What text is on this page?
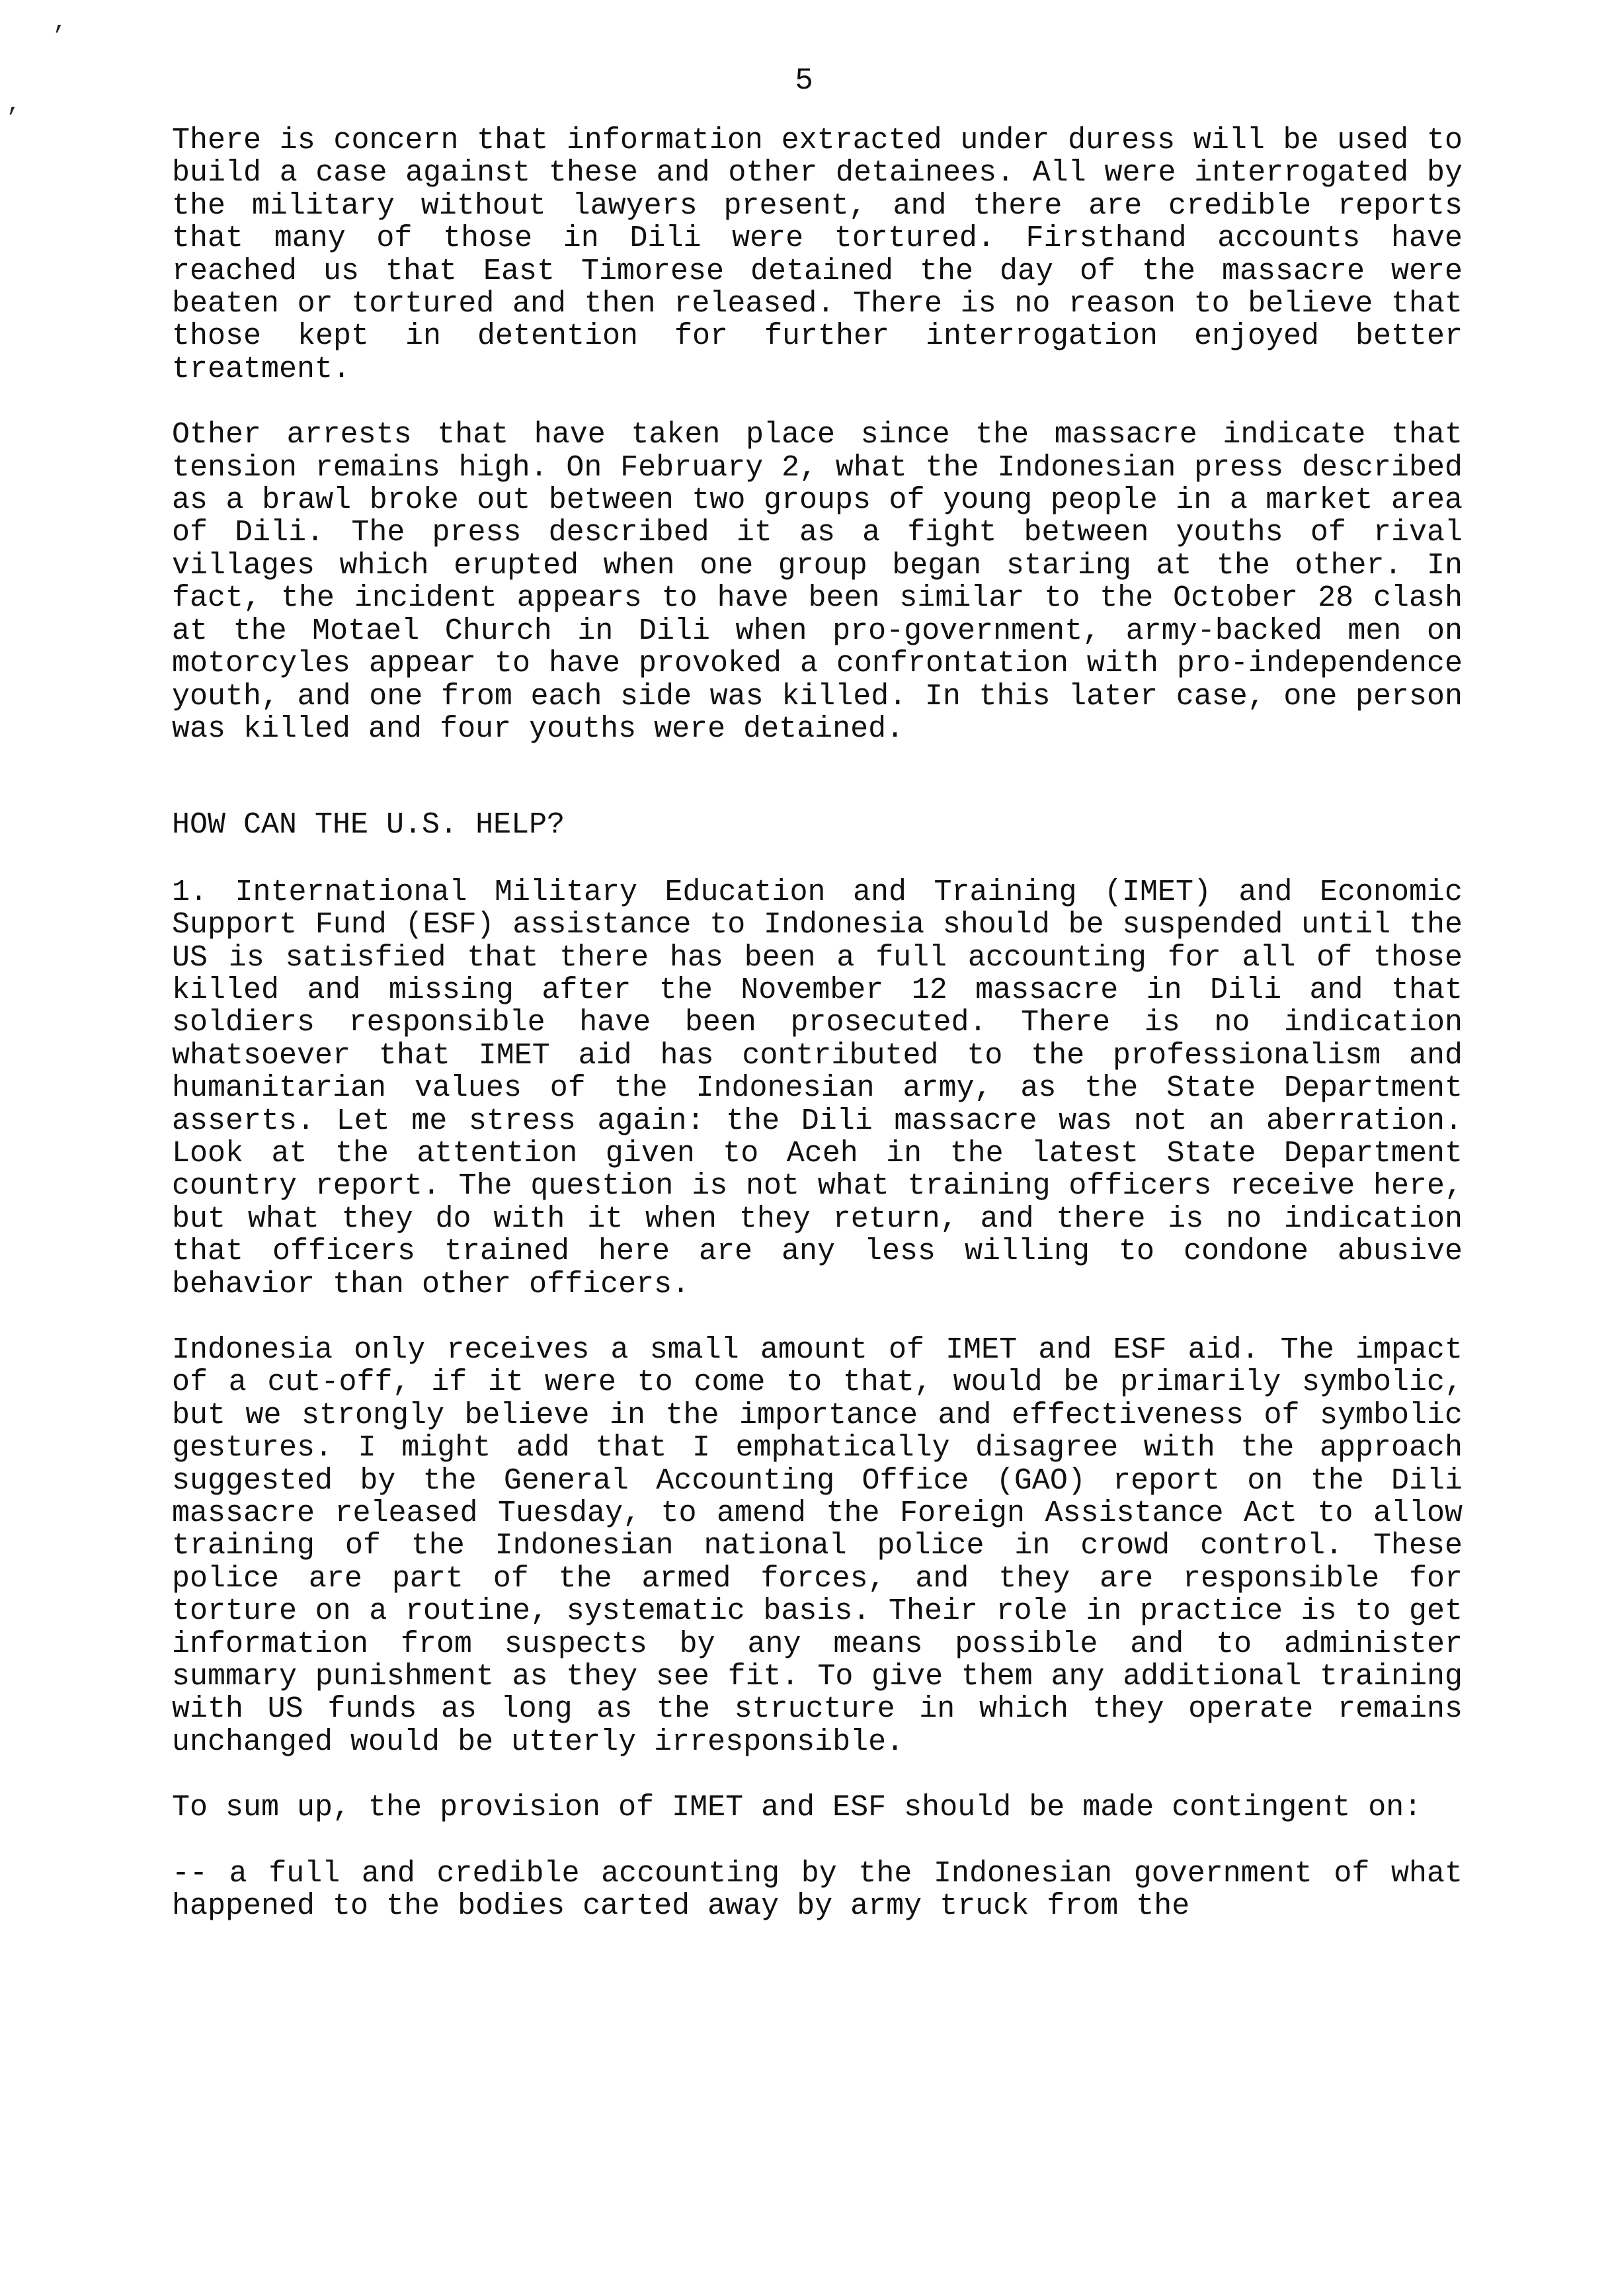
,
,
5

There is concern that information extracted under duress will be used to build a case against these and other detainees. All were interrogated by the military without lawyers present, and there are credible reports that many of those in Dili were tortured. Firsthand accounts have reached us that East Timorese detained the day of the massacre were beaten or tortured and then released. There is no reason to believe that those kept in detention for further interrogation enjoyed better treatment.

Other arrests that have taken place since the massacre indicate that tension remains high. On February 2, what the Indonesian press described as a brawl broke out between two groups of young people in a market area of Dili. The press described it as a fight between youths of rival villages which erupted when one group began staring at the other. In fact, the incident appears to have been similar to the October 28 clash at the Motael Church in Dili when pro-government, army-backed men on motorcyles appear to have provoked a confrontation with pro-independence youth, and one from each side was killed. In this later case, one person was killed and four youths were detained.

HOW CAN THE U.S. HELP?

1. International Military Education and Training (IMET) and Economic Support Fund (ESF) assistance to Indonesia should be suspended until the US is satisfied that there has been a full accounting for all of those killed and missing after the November 12 massacre in Dili and that soldiers responsible have been prosecuted. There is no indication whatsoever that IMET aid has contributed to the professionalism and humanitarian values of the Indonesian army, as the State Department asserts. Let me stress again: the Dili massacre was not an aberration. Look at the attention given to Aceh in the latest State Department country report. The question is not what training officers receive here, but what they do with it when they return, and there is no indication that officers trained here are any less willing to condone abusive behavior than other officers.

Indonesia only receives a small amount of IMET and ESF aid. The impact of a cut-off, if it were to come to that, would be primarily symbolic, but we strongly believe in the importance and effectiveness of symbolic gestures. I might add that I emphatically disagree with the approach suggested by the General Accounting Office (GAO) report on the Dili massacre released Tuesday, to amend the Foreign Assistance Act to allow training of the Indonesian national police in crowd control. These police are part of the armed forces, and they are responsible for torture on a routine, systematic basis. Their role in practice is to get information from suspects by any means possible and to administer summary punishment as they see fit. To give them any additional training with US funds as long as the structure in which they operate remains unchanged would be utterly irresponsible.

To sum up, the provision of IMET and ESF should be made contingent on:

-- a full and credible accounting by the Indonesian government of what happened to the bodies carted away by army truck from the
